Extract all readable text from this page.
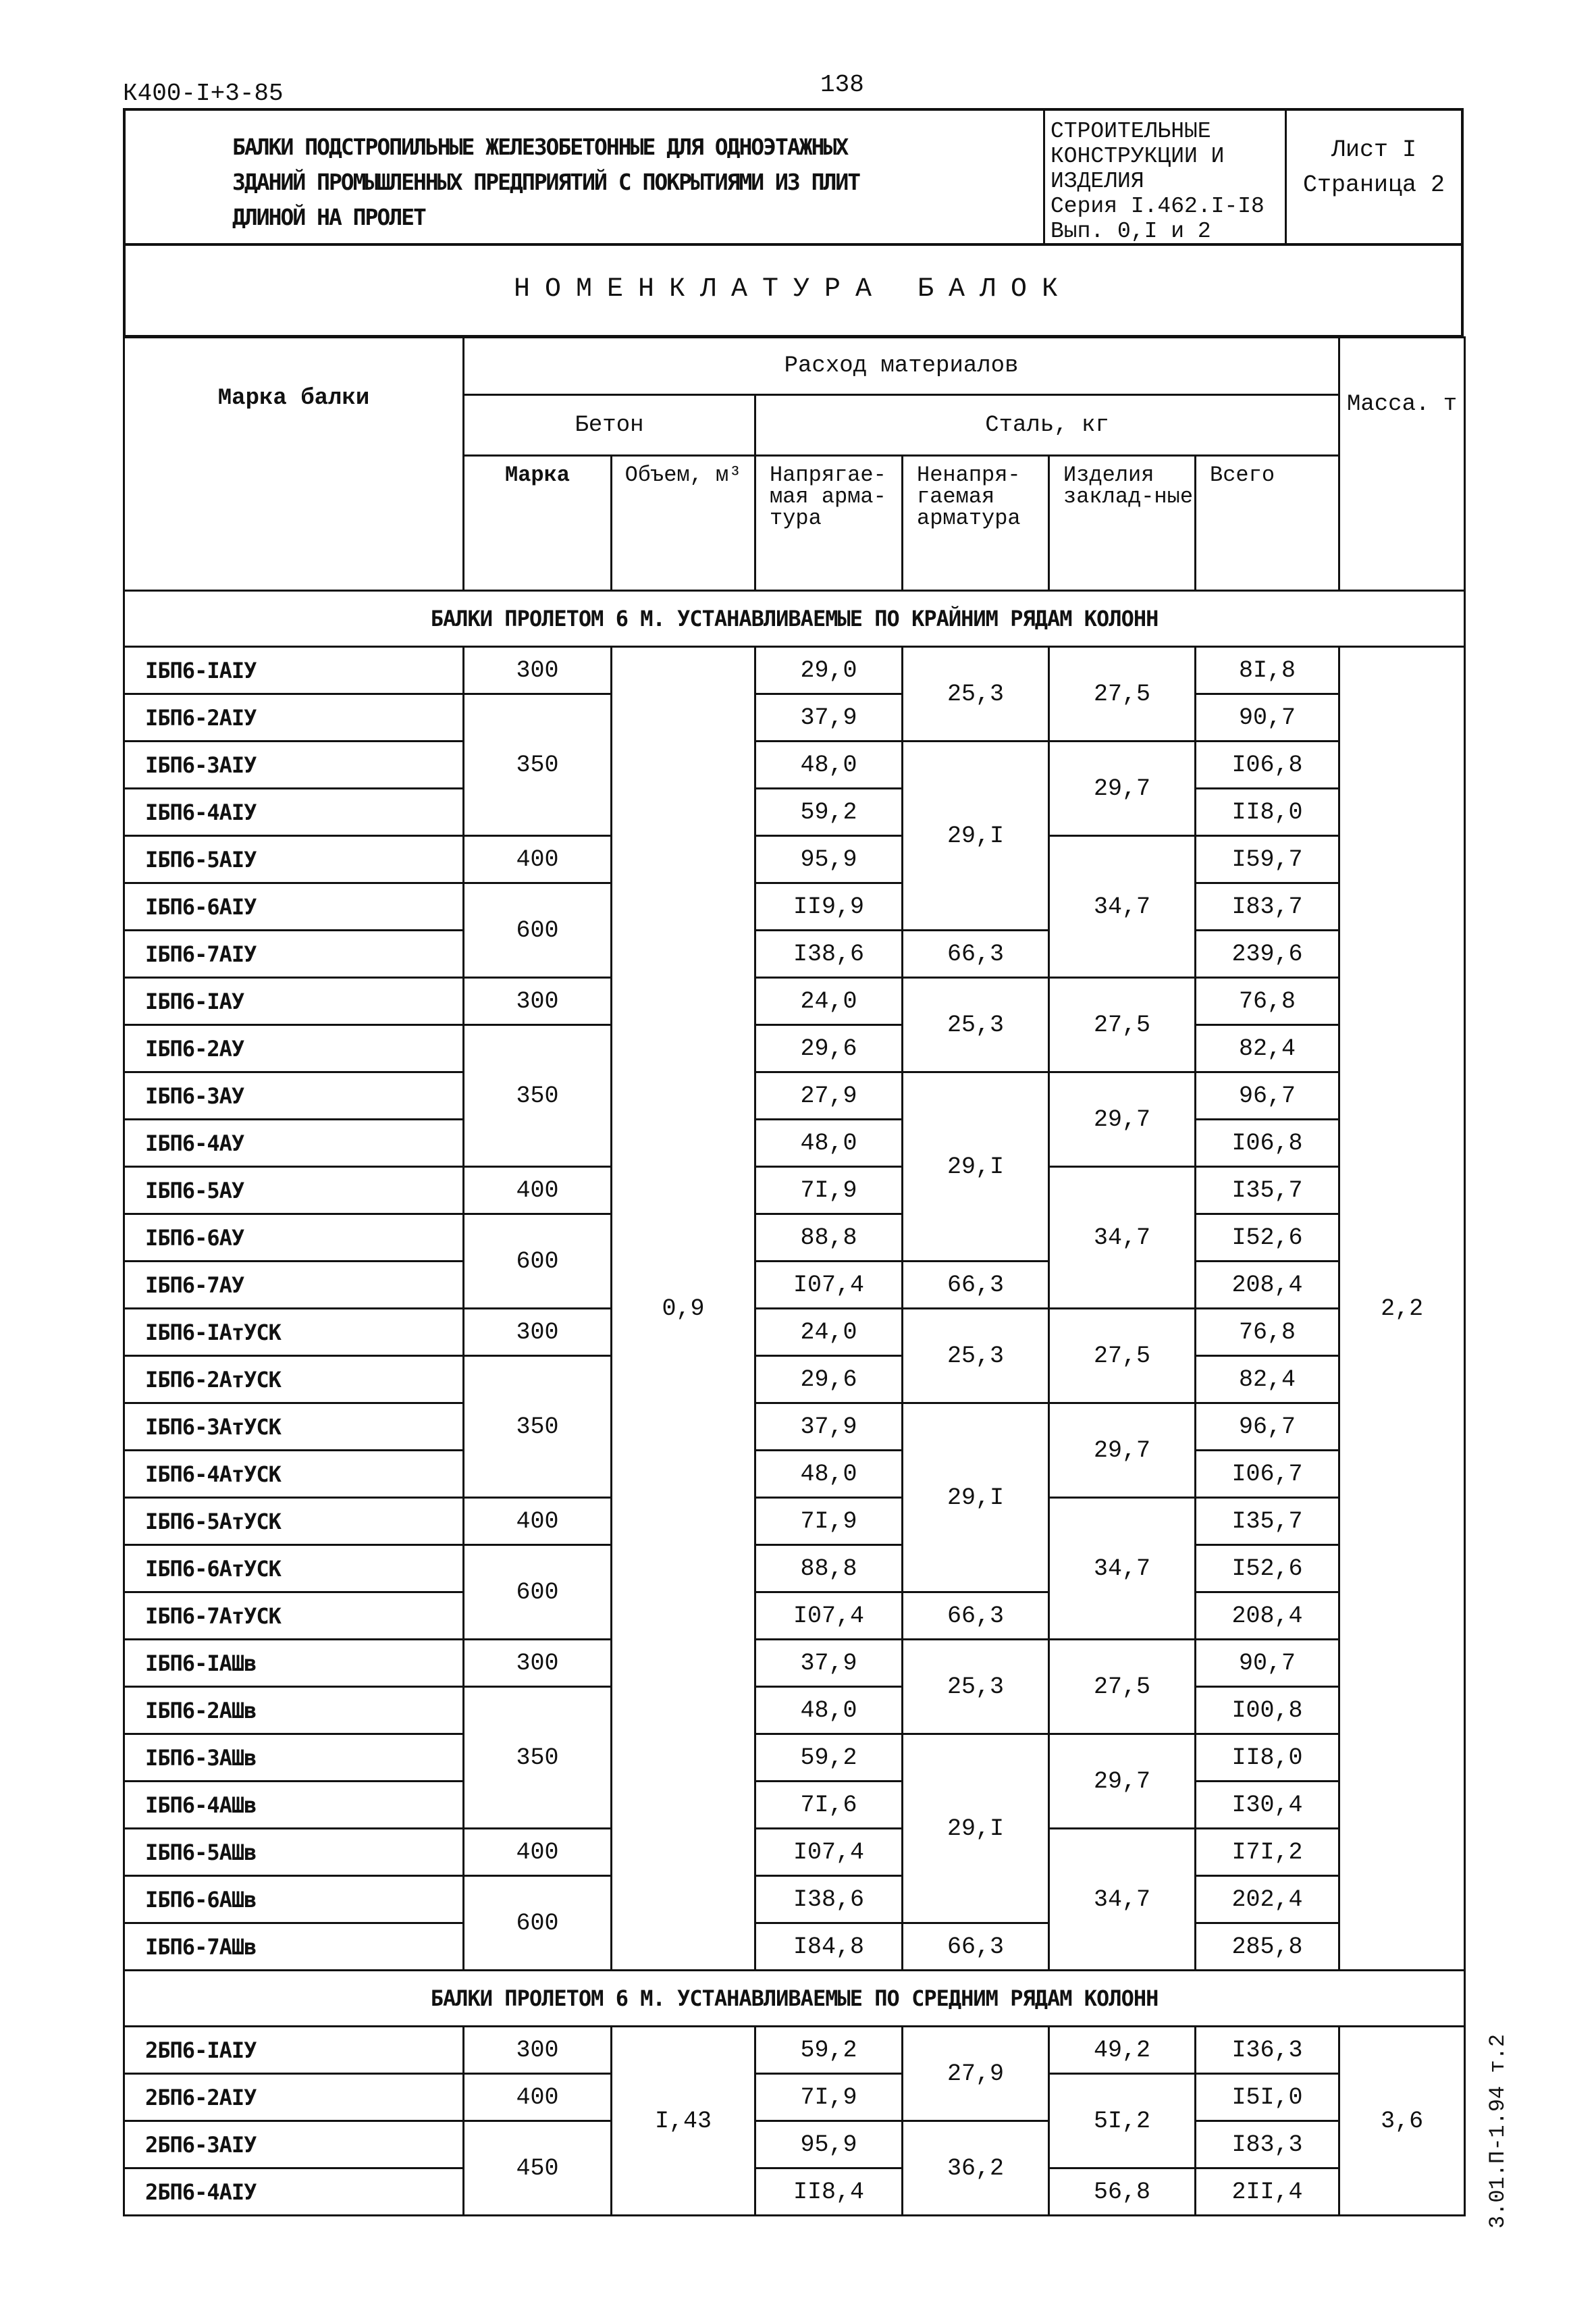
К400-I+3-85	138
БАЛКИ ПОДСТРОПИЛЬНЫЕ ЖЕЛЕЗОБЕТОННЫЕ ДЛЯ ОДНОЭТАЖНЫХ
ЗДАНИЙ ПРОМЫШЛЕННЫХ ПРЕДПРИЯТИЙ С ПОКРЫТИЯМИ ИЗ ПЛИТ
ДЛИНОЙ НА ПРОЛЕТ
СТРОИТЕЛЬНЫЕ
КОНСТРУКЦИИ И
ИЗДЕЛИЯ
Серия I.462.I-I8
Вып. 0,I и 2
Лист I
Страница 2
НОМЕНКЛАТУРА БАЛОК
Марка балки	Расход материалов						Масса. т
	Бетон		Сталь, кг				
	Марка	Объем, м³	Напрягае-мая арма-тура	Ненапря-гаемая арматура	Изделия заклад-ные	Всего	
БАЛКИ ПРОЛЕТОМ 6 М. УСТАНАВЛИВАЕМЫЕ ПО КРАЙНИМ РЯДАМ КОЛОНН							
IБП6-IАIУ	300	0,9	29,0	25,3	27,5	8I,8	2,2
IБП6-2АIУ	350		37,9			90,7	
IБП6-3АIУ			48,0	29,I	29,7	I06,8	
IБП6-4АIУ			59,2			II8,0	
IБП6-5АIУ	400		95,9		34,7	I59,7	
IБП6-6АIУ	600		II9,9			I83,7	
IБП6-7АIУ			I38,6	66,3		239,6	
IБП6-IАУ	300		24,0	25,3	27,5	76,8	
IБП6-2АУ	350		29,6			82,4	
IБП6-3АУ			27,9	29,I	29,7	96,7	
IБП6-4АУ			48,0			I06,8	
IБП6-5АУ	400		7I,9		34,7	I35,7	
IБП6-6АУ	600		88,8			I52,6	
IБП6-7АУ			I07,4	66,3		208,4	
IБП6-IАтУСК	300		24,0	25,3	27,5	76,8	
IБП6-2АтУСК	350		29,6			82,4	
IБП6-3АтУСК			37,9	29,I	29,7	96,7	
IБП6-4АтУСК			48,0			I06,7	
IБП6-5АтУСК	400		7I,9		34,7	I35,7	
IБП6-6АтУСК	600		88,8			I52,6	
IБП6-7АтУСК			I07,4	66,3		208,4	
IБП6-IАШв	300		37,9	25,3	27,5	90,7	
IБП6-2АШв	350		48,0			I00,8	
IБП6-3АШв			59,2	29,I	29,7	II8,0	
IБП6-4АШв			7I,6			I30,4	
IБП6-5АШв	400		I07,4		34,7	I7I,2	
IБП6-6АШв	600		I38,6			202,4	
IБП6-7АШв			I84,8	66,3		285,8	
БАЛКИ ПРОЛЕТОМ 6 М. УСТАНАВЛИВАЕМЫЕ ПО СРЕДНИМ РЯДАМ КОЛОНН							
2БП6-IАIУ	300	I,43	59,2	27,9	49,2	I36,3	3,6
2БП6-2АIУ	400		7I,9		5I,2	I5I,0	
2БП6-3АIУ	450		95,9	36,2		I83,3	
2БП6-4АIУ			II8,4		56,8	2II,4		3.01.П-1.94 т.2
